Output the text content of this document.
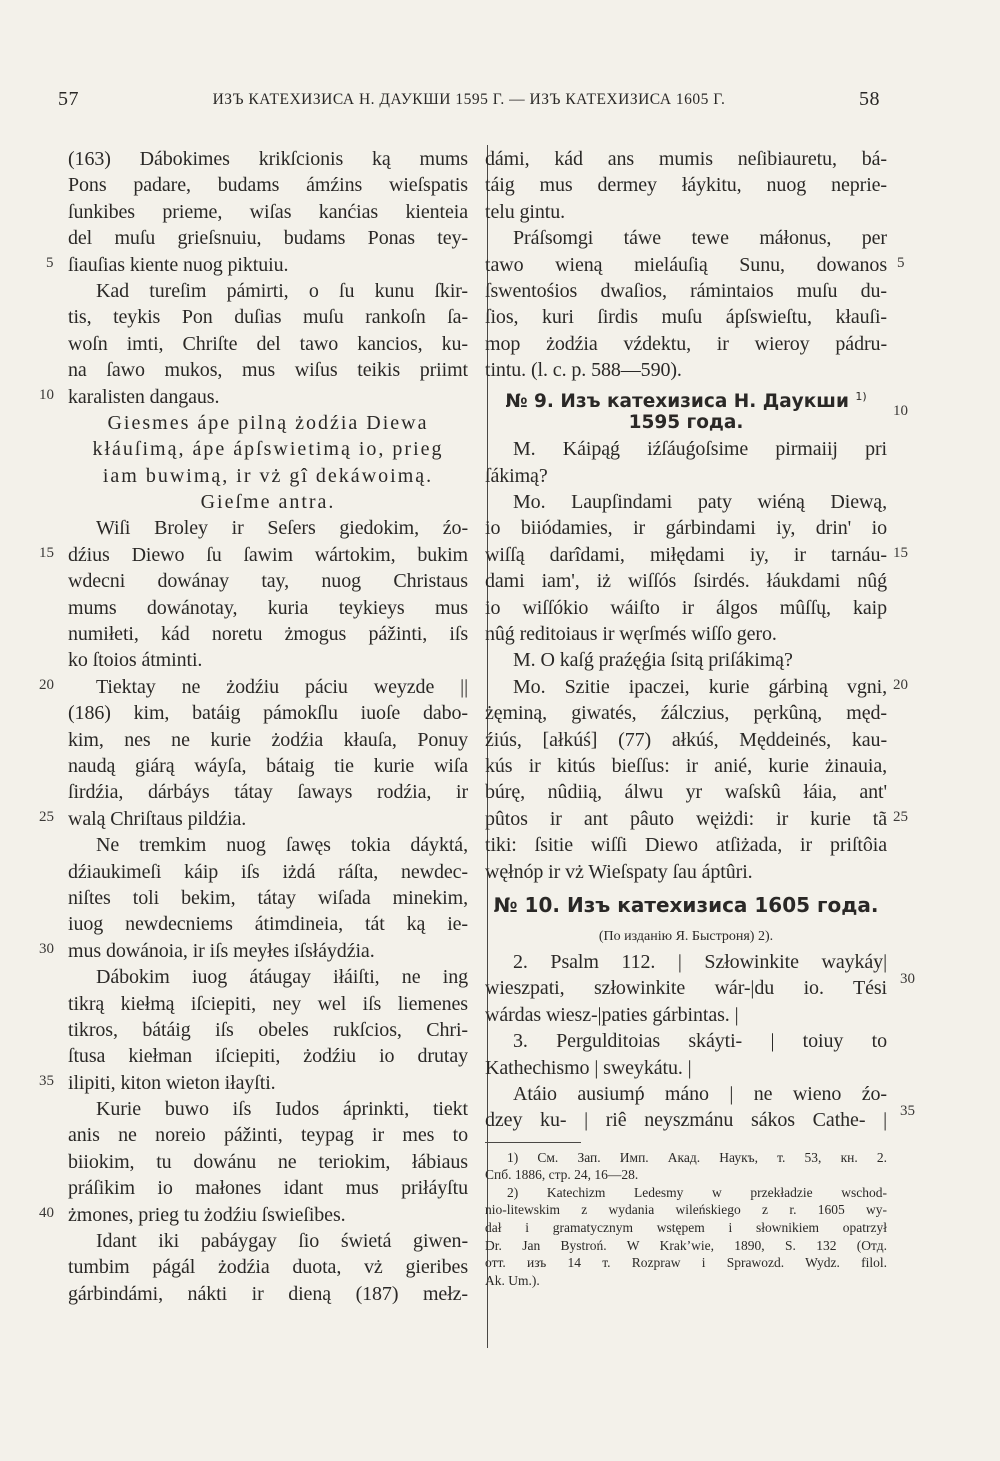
57	ИЗЪ КАТЕХИЗИСА Н. ДАУКШИ 1595 Г. — ИЗЪ КАТЕХИЗИСА 1605 Г.	58
(163) Dábokimes krikſcionis ką mums
Pons padare, budams ámźins wieſspatis
ſunkibes prieme, wiſas kanćias kienteia
del muſu grieſsnuiu, budams Ponas tey-
ſiauſias kiente nuog piktuiu.
Kad tureſim pámirti, o ſu kunu ſkir-
tis, teykis Pon duſias muſu rankoſn ſa-
woſn imti, Chriſte del tawo kancios, ku-
na ſawo mukos, mus wiſus teikis priimt
karalisten dangaus.
Giesmes ápe pilną żodźia Diewa
kłáuſimą, ápe ápſswietimą io, prieg
iam buwimą, ir vż gî dekáwoimą.
Gieſme antra.
Wiſi Broley ir Seſers giedokim, źo-
dźius Diewo ſu ſawim wártokim, bukim
wdecni dowánay tay, nuog Christaus
mums dowánotay, kuria teykieys mus
numiłeti, kád noretu żmogus pážinti, iſs
ko ſtoios átminti.
Tiektay ne żodźiu páciu weyzde ||
(186) kim, batáig pámokſlu iuoſe dabo-
kim, nes ne kurie żodźia kłauſa, Ponuy
naudą giárą wáyſa, bátaig tie kurie wiſa
ſirdźia, dárbáys tátay ſaways rodźia, ir
walą Chriſtaus pildźia.
Ne tremkim nuog ſawęs tokia dáyktá,
dźiaukimeſi káip iſs iżdá ráſta, newdec-
niſtes toli bekim, tátay wiſada minekim,
iuog newdecniems átimdineia, tát ką ie-
mus dowánoia, ir iſs meyłes iſsłáydźia.
Dábokim iuog átáugay iłáiſti, ne ing
tikrą kiełmą iſciepiti, ney wel iſs liemenes
tikros, bátáig iſs obeles rukſcios, Chri-
ſtusa kiełman iſciepiti, żodźiu io drutay
ilipiti, kiton wieton iłayſti.
Kurie buwo iſs Iudos áprinkti, tiekt
anis ne noreio pážinti, teypag ir mes to
biiokim, tu dowánu ne teriokim, łábiaus
práſikim io małones idant mus priłáyſtu
żmones, prieg tu żodźiu ſswieſibes.
Idant iki pabáygay ſio świetá giwen-
tumbim págál żodźia duota, vż gieribes
gárbindámi, nákti ir dieną (187) mełz-
dámi, kád ans mumis neſibiauretu, bá-
táig mus dermey łáykitu, nuog neprie-
telu gintu.
Práſsomgi táwe tewe máłonus, per
tawo wieną mieláuſią Sunu, dowanos
ſswentośios dwaſios, rámintaios muſu du-
ſios, kuri ſirdis muſu ápſswieſtu, kłauſi-
mop żodźia vźdektu, ir wieroy pádru-
tintu. (l. c. p. 588—590).
№ 9. Изъ катехизиса Н. Даукши $^{1)}$
1595 года.
M. Káipąǵ iźſáuǵoſsime pirmaiij pri
ſákimą?
Mo. Laupſindami paty wiéną Diewą,
io biiódamies, ir gárbindami iy, drin' io
wiſſą darîdami, miłędami iy, ir tarnáu-
dami iam', iż wiſſós ſsirdés. łáukdami nûǵ
io wiſſókio wáiſto ir álgos mûſſų, kaip
nûǵ reditoiaus ir węrſmés wiſſo gero.
M. O kaſǵ praźęǵia ſsitą priſákimą?
Mo. Szitie ipaczei, kurie gárbiną vgni,
żęminą, giwatés, źálczius, pęrkûną, męd-
źiús, [ałkúś] (77) ałkúś, Męddeinés, kau-
kús ir kitús bieſſus: ir anié, kurie żinauia,
búrę, nûdiią, álwu yr waſskû łáia, ant'
pûtos ir ant pâuto węiżdi: ir kurie tã
tiki: ſsitie wiſſi Diewo atſiżada, ir priſtôia
węłnóp ir vż Wieſspaty ſau áptûri.
№ 10. Изъ катехизиса 1605 года.
(По изданію Я. Быстроня) 2).
2. Psalm 112. | Szłowinkite waykáy|
wieszpati, szłowinkite wár-|du io. Tési
wárdas wiesz-|paties gárbintas. |
3. Pergulditoias skáyti- | toiuy to
Kathechismo | sweykátu. |
Atáio ausiumṕ máno | ne wieno źo-
dzey ku- | riê neyszmánu sákos Cathe- |
1) См. Зап. Имп. Акад. Наукъ, т. 53, кн. 2.
Спб. 1886, стр. 24, 16—28.
2) Katechizm Ledesmy w przekładzie wschod-
nio-litewskim z wydania wileńskiego z r. 1605 wy-
dał i gramatycznym wstępem i słownikiem opatrzył
Dr. Jan Bystroń. W Krak’wie, 1890, S. 132 (Отд.
отт. изъ 14 т. Rozpraw i Sprawozd. Wydz. filol.
Ak. Um.).
5
10
15
20
25
30
35
40
5
10
15
20
25
30
35
